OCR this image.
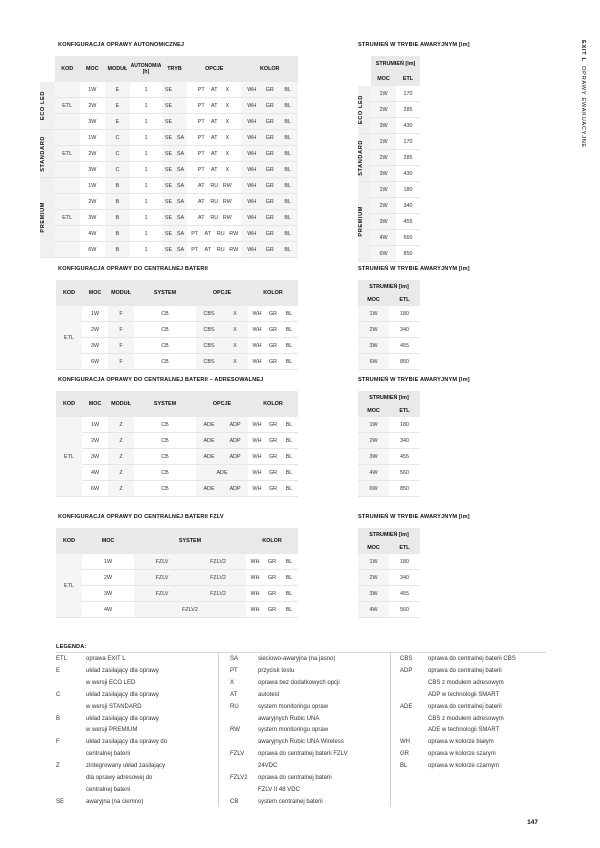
EXIT L  OPRAWY EWAKUACYJNE
KONFIGURACJA OPRAWY AUTONOMICZNEJ	STRUMIEŃ W TRYBIE AWARYJNYM [lm]
	KOD	MOC	MODUŁ	AUTONOMIA [h]	TRYB	OPCJE	KOLOR

ECO LED		1W	E	1	SE	PT AT X	WH GR BL

	ETL	2W	E	1	SE	PT AT X	WH GR BL

		3W	E	1	SE	PT AT X	WH GR BL

STANDARD		1W	C	1	SE SA	PT AT X	WH GR BL

	ETL	2W	C	1	SE SA	PT AT X	WH GR BL

		3W	C	1	SE SA	PT AT X	WH GR BL

PREMIUM		1W	B	1	SE SA	AT RU RW	WH GR BL

		2W	B	1	SE SA	AT RU RW	WH GR BL

	ETL	3W	B	1	SE SA	AT RU RW	WH GR BL

		4W	B	1	SE SA	PT AT RU RW	WH GR BL

		6W	B	1	SE SA	PT AT RU RW	WH GR BL
	STRUMIEŃ [lm]	
	MOC	ETL

ECO LED	1W	170
	2W	285
	3W	430

STANDARD	1W	170
	2W	285
	3W	430

PREMIUM	1W	180
	2W	340
	3W	455
	4W	560
	6W	850
KONFIGURACJA OPRAWY DO CENTRALNEJ BATERII	STRUMIEŃ W TRYBIE AWARYJNYM [lm]
KOD	MOC	MODUŁ	SYSTEM	OPCJE	KOLOR
ETL	1W	F	CB	CBS X	WH GR BL

	2W	F	CB	CBS X	WH GR BL

	3W	F	CB	CBS X	WH GR BL

	6W	F	CB	CBS X	WH GR BL
STRUMIEŃ [lm]	
MOC	ETL
1W	180
2W	340
3W	455
6W	850
KONFIGURACJA OPRAWY DO CENTRALNEJ BATERII – ADRESOWALNEJ	STRUMIEŃ W TRYBIE AWARYJNYM [lm]
KOD	MOC	MODUŁ	SYSTEM	OPCJE	KOLOR
ETL	1W	Z	CB	ADE ADP	WH GR BL

	2W	Z	CB	ADE ADP	WH GR BL

	3W	Z	CB	ADE ADP	WH GR BL

	4W	Z	CB	ADE	WH GR BL

	6W	Z	CB	ADE ADP	WH GR BL
STRUMIEŃ [lm]	
MOC	ETL
1W	180
2W	340
3W	455
4W	560
6W	850
KONFIGURACJA OPRAWY DO CENTRALNEJ BATERII FZLV	STRUMIEŃ W TRYBIE AWARYJNYM [lm]
KOD	MOC	SYSTEM	KOLOR
ETL	1W	FZLV FZLV2	WH GR BL

	2W	FZLV FZLV2	WH GR BL

	3W	FZLV FZLV2	WH GR BL

	4W	FZLV2	WH GR BL
STRUMIEŃ [lm]	
MOC	ETL
1W	180
2W	340
3W	455
4W	560
LEGENDA:
ETL	oprawa EXIT L
E	układ zasilający dla oprawy
w wersji ECO LED
C	układ zasilający dla oprawy
w wersji STANDARD
B	układ zasilający dla oprawy
w wersji PREMIUM
F	układ zasilający dla oprawy do
centralnej baterii
Z	zintegrowany układ zasilający
dla oprawy adresowej do
centralnej baterii
SE	awaryjna (na ciemno)
SA	sieciowo-awaryjna (na jasno)
PT	przycisk testu
X	oprawa bez dodatkowych opcji
AT	autotest
RU	system monitoringu opraw
awaryjnych Rubic UNA
RW	system monitoringu opraw
awaryjnych Rubic UNA Wireless
FZLV oprawa do centralnej baterii FZLV
24VDC
FZLV2 oprawa do centralnej baterii
FZLV II 48 VDC
CB	system centralnej baterii
CBS	oprawa do centralnej baterii CBS
ADP	oprawa do centralnej baterii
CBS z modułem adresowym
ADP w technologii SMART
ADE	oprawa do centralnej baterii
CBS z modułem adresowym
ADE w technologii SMART
WH	oprawa w kolorze białym
GR	oprawa w kolorze szarym
BL	oprawa w kolorze czarnym
147
